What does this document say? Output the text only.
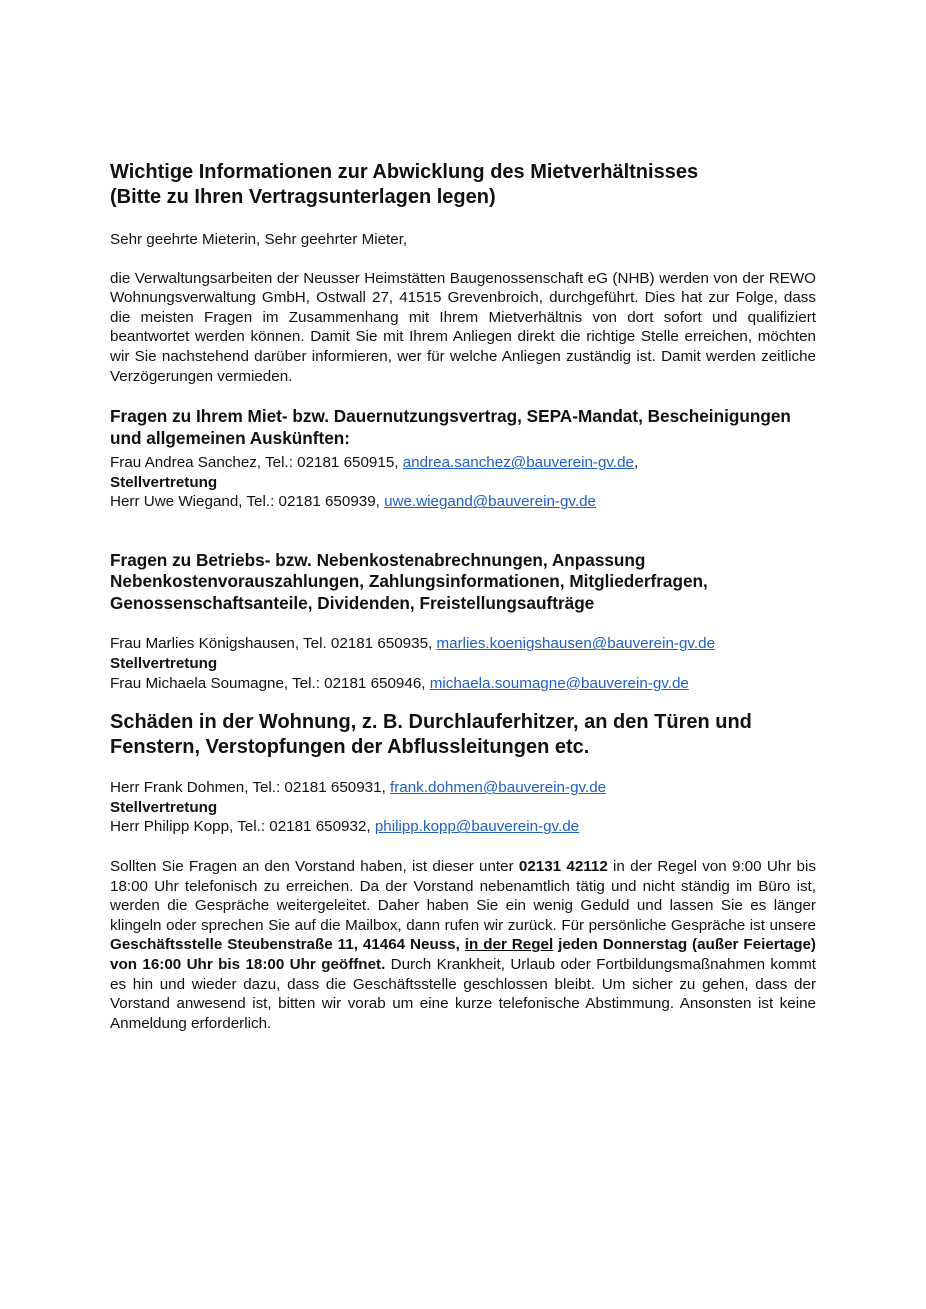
Wichtige Informationen zur Abwicklung des Mietverhältnisses
(Bitte zu Ihren Vertragsunterlagen legen)

Sehr geehrte Mieterin, Sehr geehrter Mieter,

die Verwaltungsarbeiten der Neusser Heimstätten Baugenossenschaft eG (NHB) werden von der REWO Wohnungsverwaltung GmbH, Ostwall 27, 41515 Grevenbroich, durchgeführt. Dies hat zur Folge, dass die meisten Fragen im Zusammenhang mit Ihrem Mietverhältnis von dort sofort und qualifiziert beantwortet werden können. Damit Sie mit Ihrem Anliegen direkt die richtige Stelle erreichen, möchten wir Sie nachstehend darüber informieren, wer für welche Anliegen zuständig ist. Damit werden zeitliche Verzögerungen vermieden.

Fragen zu Ihrem Miet- bzw. Dauernutzungsvertrag, SEPA-Mandat, Bescheinigungen und allgemeinen Auskünften:
Frau Andrea Sanchez, Tel.: 02181 650915, andrea.sanchez@bauverein-gv.de,
Stellvertretung
Herr Uwe Wiegand, Tel.: 02181 650939, uwe.wiegand@bauverein-gv.de
Fragen zu Betriebs- bzw. Nebenkostenabrechnungen, Anpassung Nebenkostenvorauszahlungen, Zahlungsinformationen, Mitgliederfragen, Genossenschaftsanteile, Dividenden, Freistellungsaufträge
Frau Marlies Königshausen, Tel. 02181 650935, marlies.koenigshausen@bauverein-gv.de
Stellvertretung
Frau Michaela Soumagne, Tel.: 02181 650946, michaela.soumagne@bauverein-gv.de
Schäden in der Wohnung, z. B. Durchlauferhitzer, an den Türen und Fenstern, Verstopfungen der Abflussleitungen etc.
Herr Frank Dohmen, Tel.: 02181 650931, frank.dohmen@bauverein-gv.de
Stellvertretung
Herr Philipp Kopp, Tel.: 02181 650932, philipp.kopp@bauverein-gv.de

Sollten Sie Fragen an den Vorstand haben, ist dieser unter 02131 42112 in der Regel von 9:00 Uhr bis 18:00 Uhr telefonisch zu erreichen. Da der Vorstand nebenamtlich tätig und nicht ständig im Büro ist, werden die Gespräche weitergeleitet. Daher haben Sie ein wenig Geduld und lassen Sie es länger klingeln oder sprechen Sie auf die Mailbox, dann rufen wir zurück. Für persönliche Gespräche ist unsere Geschäftsstelle Steubenstraße 11, 41464 Neuss, in der Regel jeden Donnerstag (außer Feiertage) von 16:00 Uhr bis 18:00 Uhr geöffnet. Durch Krankheit, Urlaub oder Fortbildungsmaßnahmen kommt es hin und wieder dazu, dass die Geschäftsstelle geschlossen bleibt. Um sicher zu gehen, dass der Vorstand anwesend ist, bitten wir vorab um eine kurze telefonische Abstimmung. Ansonsten ist keine Anmeldung erforderlich.
